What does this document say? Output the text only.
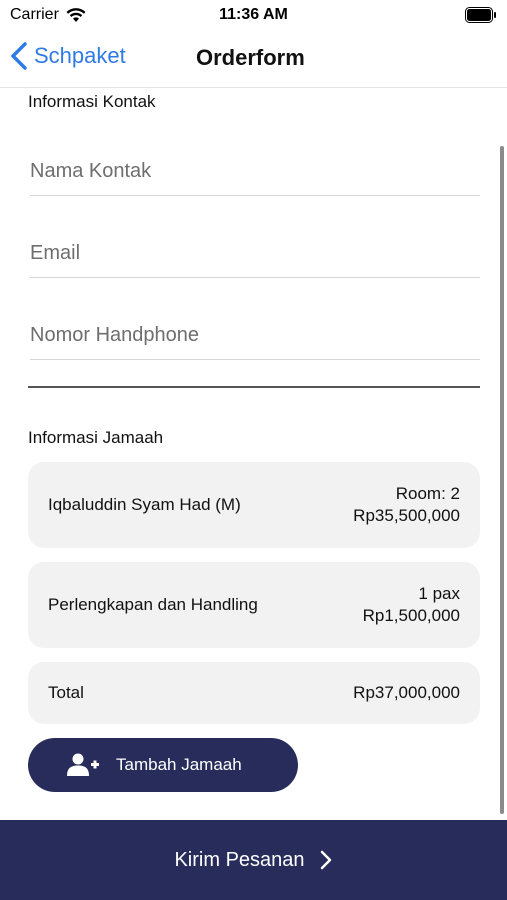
Carrier	11:36 AM
Schpaket	Orderform
Informasi Kontak
Nama Kontak
Email
Nomor Handphone
Informasi Jamaah
Iqbaluddin Syam Had (M)
Room: 2
Rp35,500,000
Perlengkapan dan Handling
1 pax
Rp1,500,000
Total	Rp37,000,000
Tambah Jamaah
Kirim Pesanan
